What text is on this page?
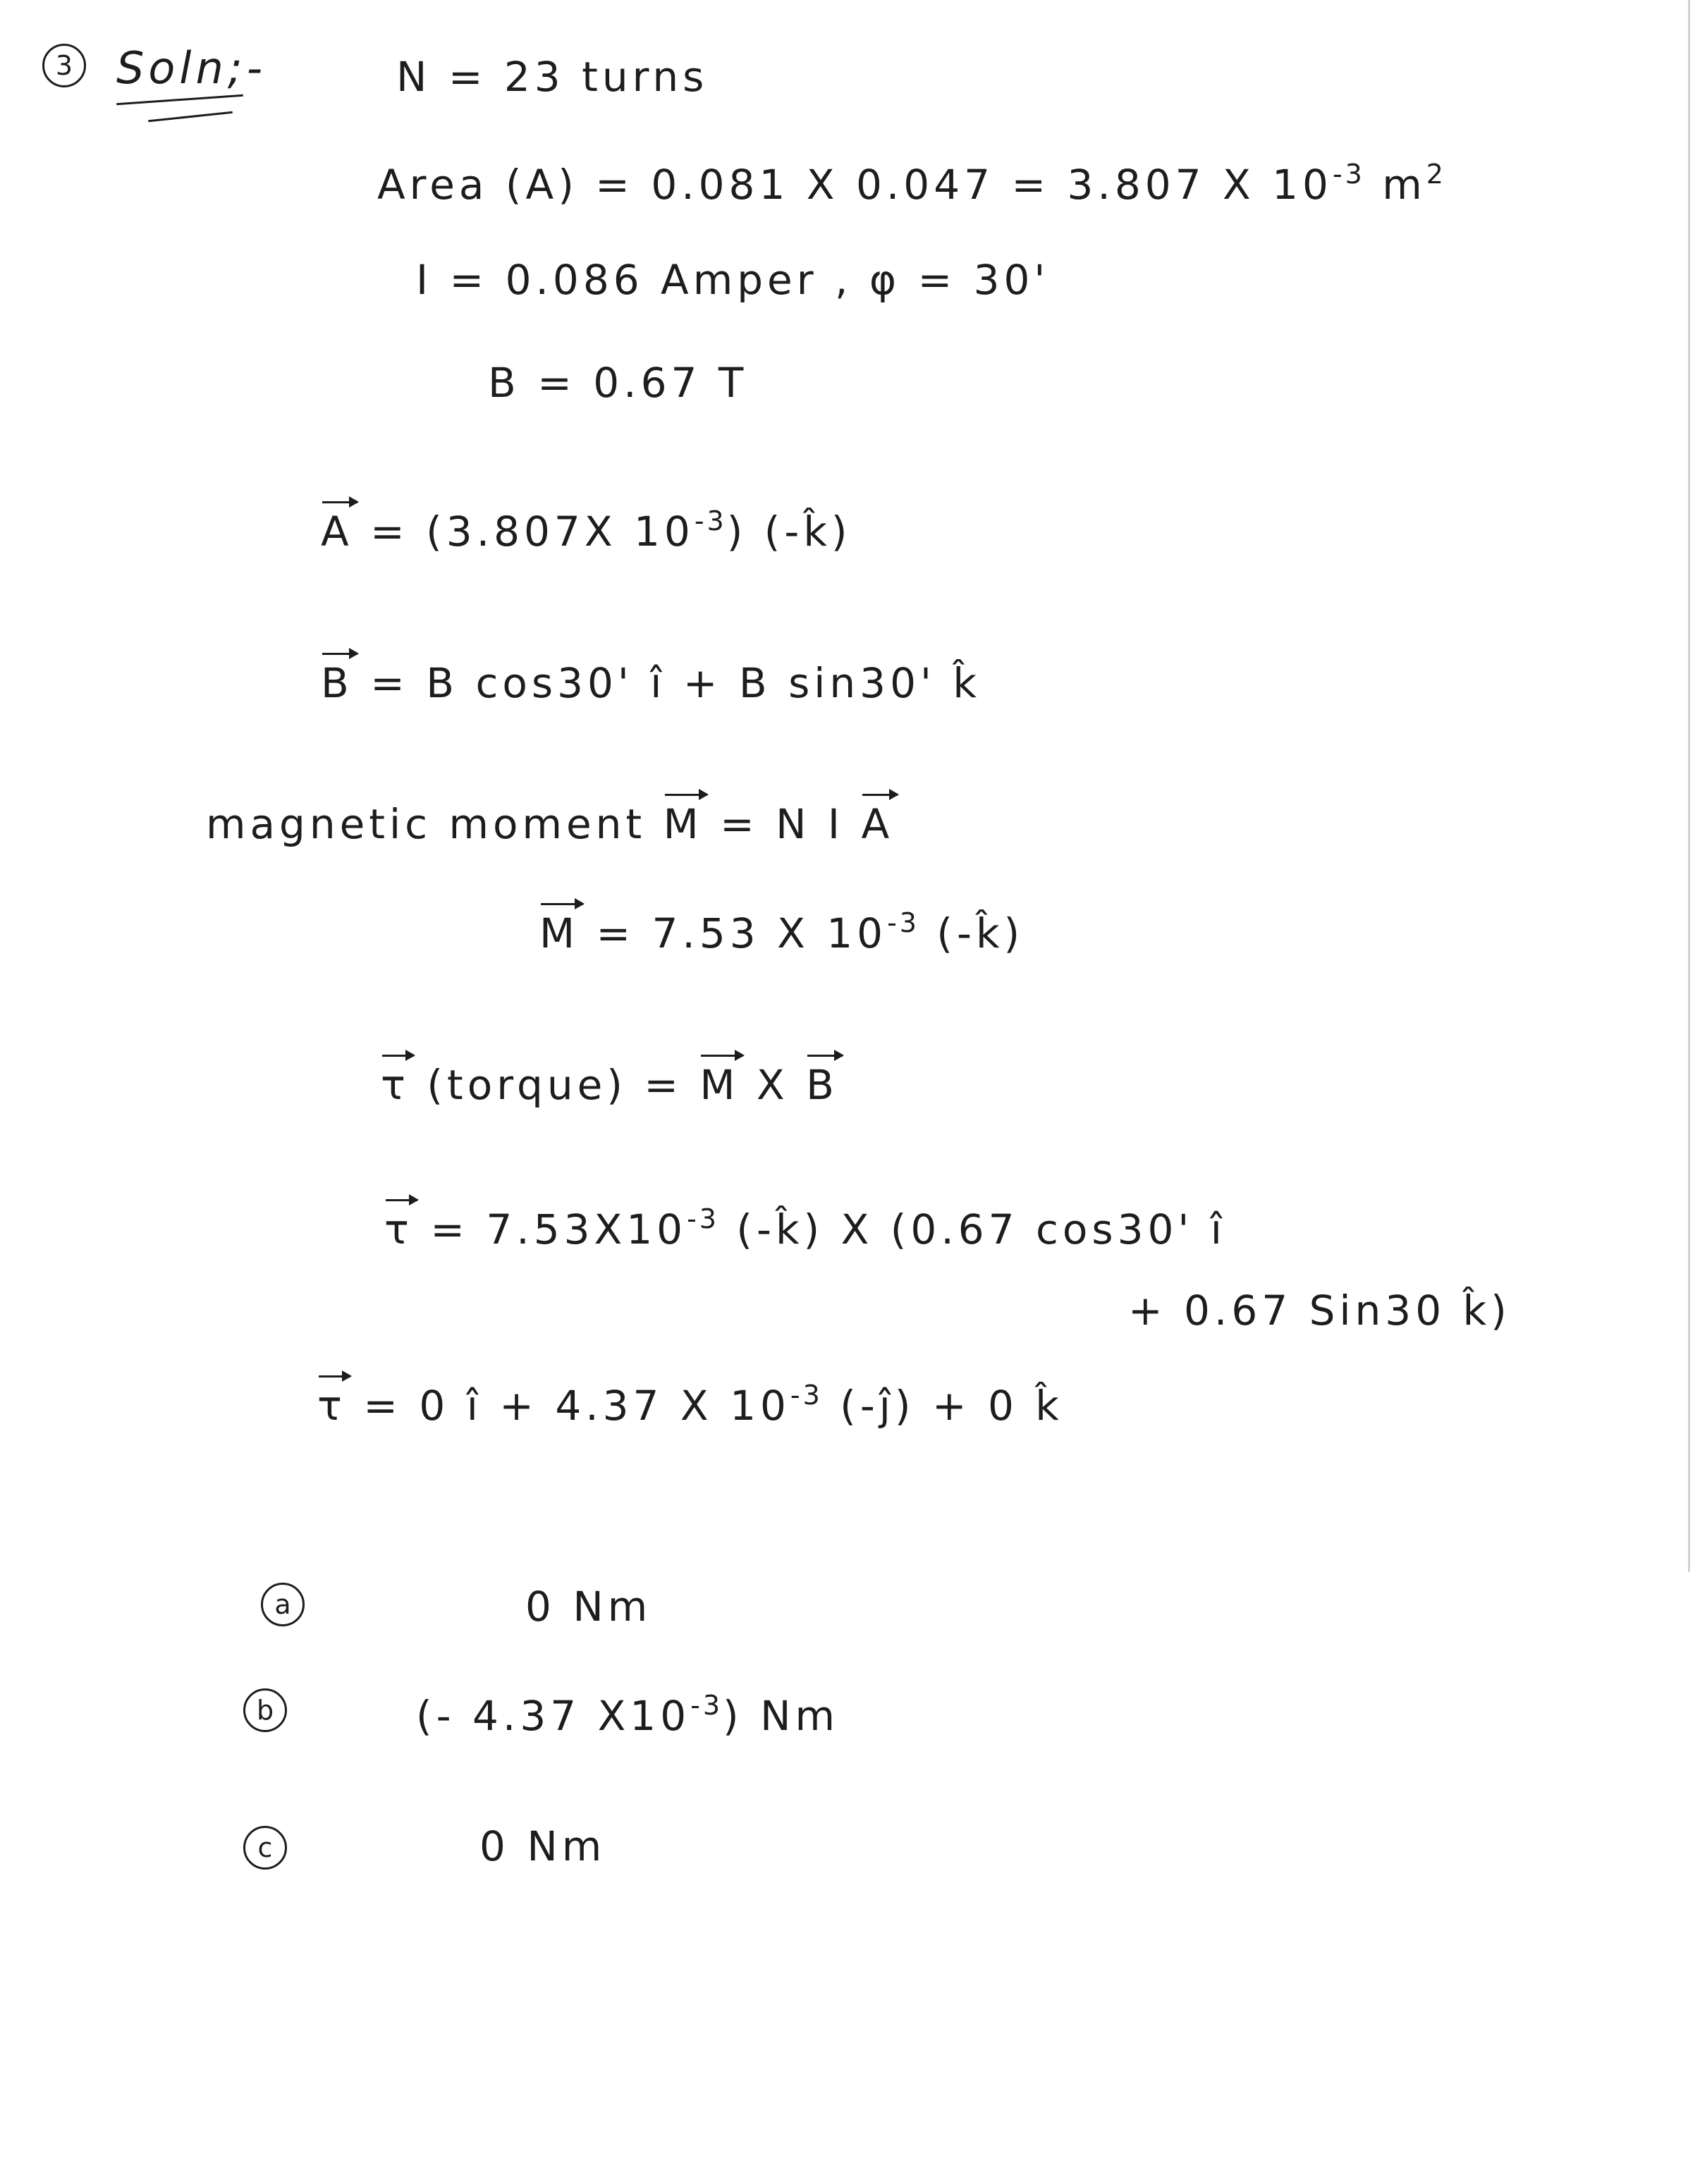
3 Soln;-	N = 23 turns
Area (A) = 0.081 X 0.047 = 3.807 X $10^{-3}$ $m^2$
I = 0.086 Amper , φ = 30'
B = 0.67 T
A = (3.807X $10^{-3}$) (-k̂)
B = B cos30' î + B sin30' k̂
magnetic moment M = N I A
M = 7.53 X $10^{-3}$ (-k̂)
τ (torque) = M X B
$\tau = 7.53X10^{-3}$ (-k̂) X (0.67 cos30' î
+ 0.67 Sin30 k̂)
τ = 0 î + 4.37 X $10^{-3}$ (-ĵ) + 0 k̂
a	0 Nm
b	(- 4.37 $X10^{-3}$) Nm
c	0 Nm
